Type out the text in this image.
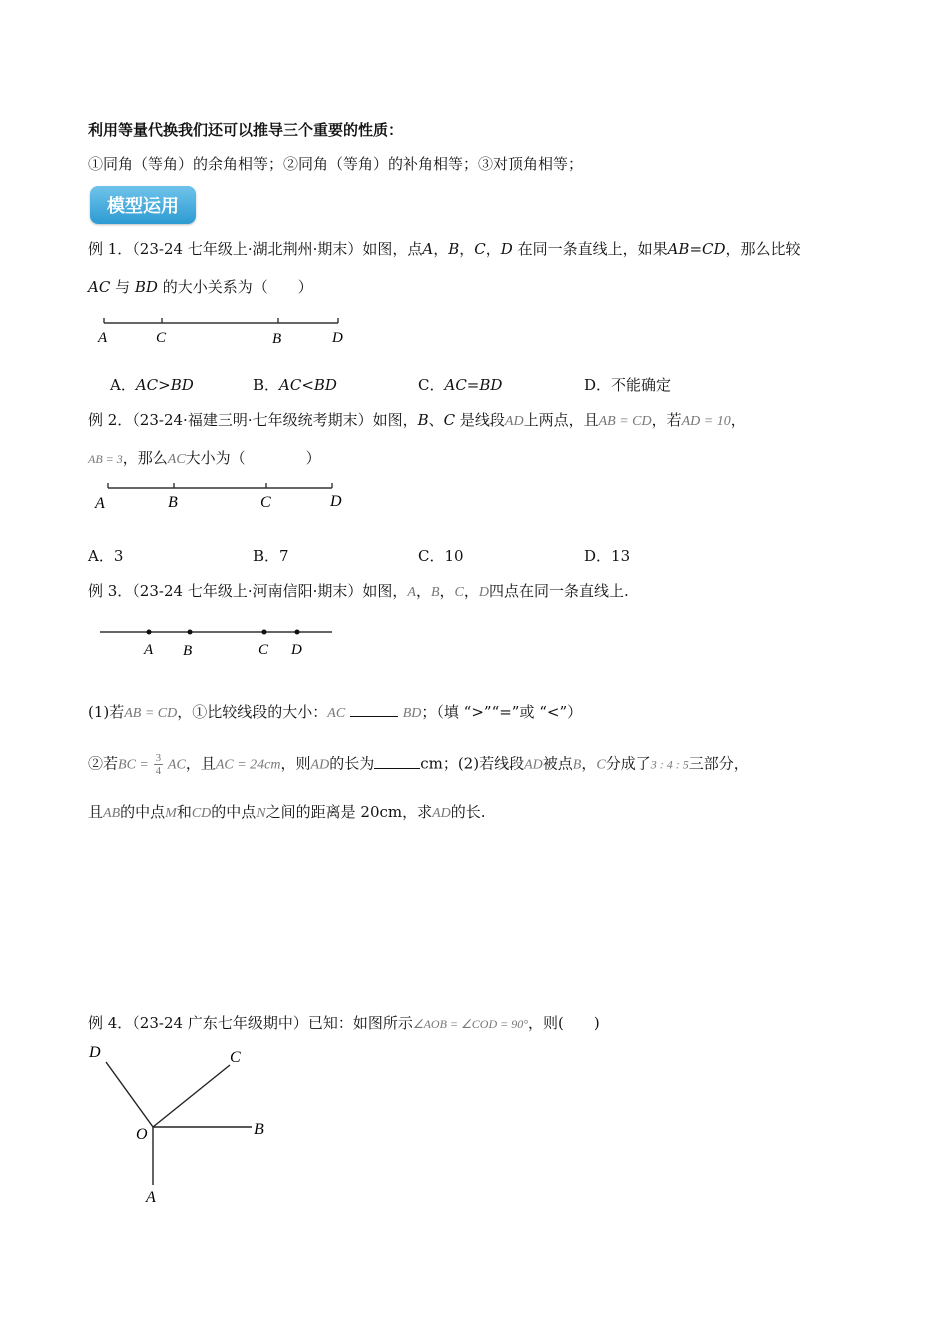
利用等量代换我们还可以推导三个重要的性质：
①同角（等角）的余角相等；②同角（等角）的补角相等；③对顶角相等；
模型运用
例 1．（23-24 七年级上·湖北荆州·期末）如图，点A，B，C，D 在同一条直线上，如果AB=CD，那么比较
AC 与 BD 的大小关系为（　　）
A	C	B	D
A．AC>BD	B．AC<BD	C．AC=BD	D．不能确定
例 2．（23-24·福建三明·七年级统考期末）如图，B、C 是线段AD上两点，且AB = CD，若AD = 10，
AB = 3，那么AC大小为（　　　　）
A	B	C	D
A．3	B．7	C．10	D．13
例 3．（23-24 七年级上·河南信阳·期末）如图，A，B，C，D四点在同一条直线上.
A B	C D
(1)若AB = CD，①比较线段的大小：AC	BD；（填 “>”“=”或 “<”）
②若BC = $\frac{3}{4}$ AC，且AC = 24cm，则AD的长为	cm；(2)若线段AD被点B，C分成了3 : 4 : 5三部分，
且AB的中点M和CD的中点N之间的距离是 20cm，求AD的长.
例 4．（23-24 广东七年级期中）已知：如图所示∠AOB = ∠COD = 90°，则(　　)
D	C
O	B
A
